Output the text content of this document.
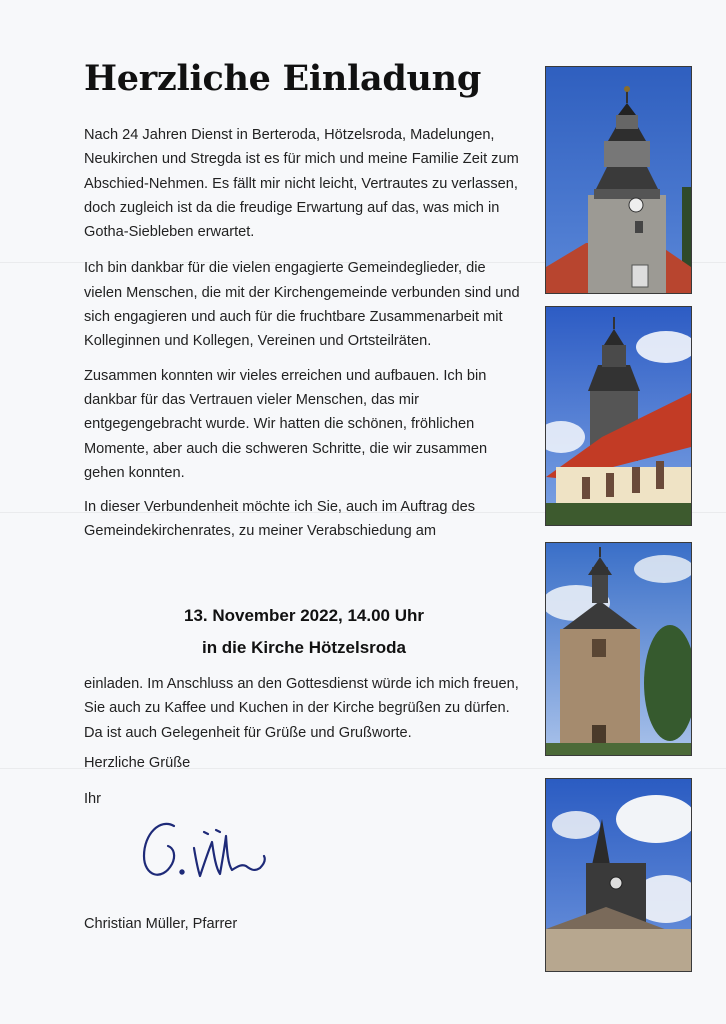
Herzliche Einladung

Nach 24 Jahren Dienst in Berteroda, Hötzelsroda, Madelungen, Neukirchen und Stregda ist es für mich und meine Familie Zeit zum Abschied-Nehmen. Es fällt mir nicht leicht, Vertrautes zu verlassen, doch zugleich ist da die freudige Erwartung auf das, was mich in Gotha-Siebleben erwartet.

Ich bin dankbar für die vielen engagierte Gemeindeglieder, die vielen Menschen, die mit der Kirchengemeinde verbunden sind und sich engagieren und auch für die fruchtbare Zusammenarbeit mit Kolleginnen und Kollegen, Vereinen und Ortsteilräten.

Zusammen konnten wir vieles erreichen und aufbauen. Ich bin dankbar für das Vertrauen vieler Menschen, das mir entgegengebracht wurde. Wir hatten die schönen, fröhlichen Momente, aber auch die schweren Schritte, die wir zusammen gehen konnten.

In dieser Verbundenheit möchte ich Sie, auch im Auftrag des Gemeindekirchenrates, zu meiner Verabschiedung am

13. November 2022, 14.00 Uhr
in die Kirche Hötzelsroda
einladen. Im Anschluss an den Gottesdienst würde ich mich freuen, Sie auch zu Kaffee und Kuchen in der Kirche begrüßen zu dürfen. Da ist auch Gelegenheit für Grüße und Grußworte.
Herzliche Grüße
Ihr
Christian Müller, Pfarrer
